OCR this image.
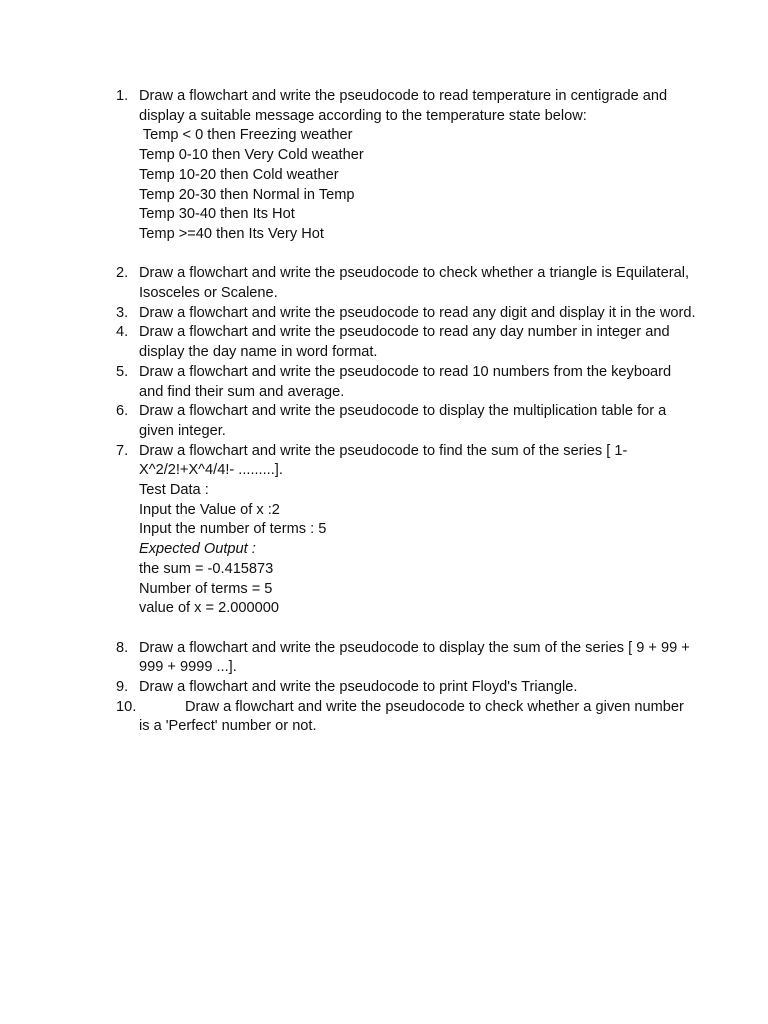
1. Draw a flowchart and write the pseudocode to read temperature in centigrade and display a suitable message according to the temperature state below:

Temp < 0 then Freezing weather

Temp 0-10 then Very Cold weather

Temp 10-20 then Cold weather

Temp 20-30 then Normal in Temp

Temp 30-40 then Its Hot

Temp >=40 then Its Very Hot

2. Draw a flowchart and write the pseudocode to check whether a triangle is Equilateral, Isosceles or Scalene.

3. Draw a flowchart and write the pseudocode to read any digit and display it in the word.

4. Draw a flowchart and write the pseudocode to read any day number in integer and display the day name in word format.

5. Draw a flowchart and write the pseudocode to read 10 numbers from the keyboard and find their sum and average.

6. Draw a flowchart and write the pseudocode to display the multiplication table for a given integer.

7. Draw a flowchart and write the pseudocode to find the sum of the series [ 1-X^2/2!+X^4/4!- .........].

Test Data :

Input the Value of x :2

Input the number of terms : 5

Expected Output :

the sum = -0.415873

Number of terms = 5

value of x = 2.000000

8. Draw a flowchart and write the pseudocode to display the sum of the series [ 9 + 99 + 999 + 9999 ...].

9. Draw a flowchart and write the pseudocode to print Floyd's Triangle.

10.	Draw a flowchart and write the pseudocode to check whether a given number is a 'Perfect' number or not.
